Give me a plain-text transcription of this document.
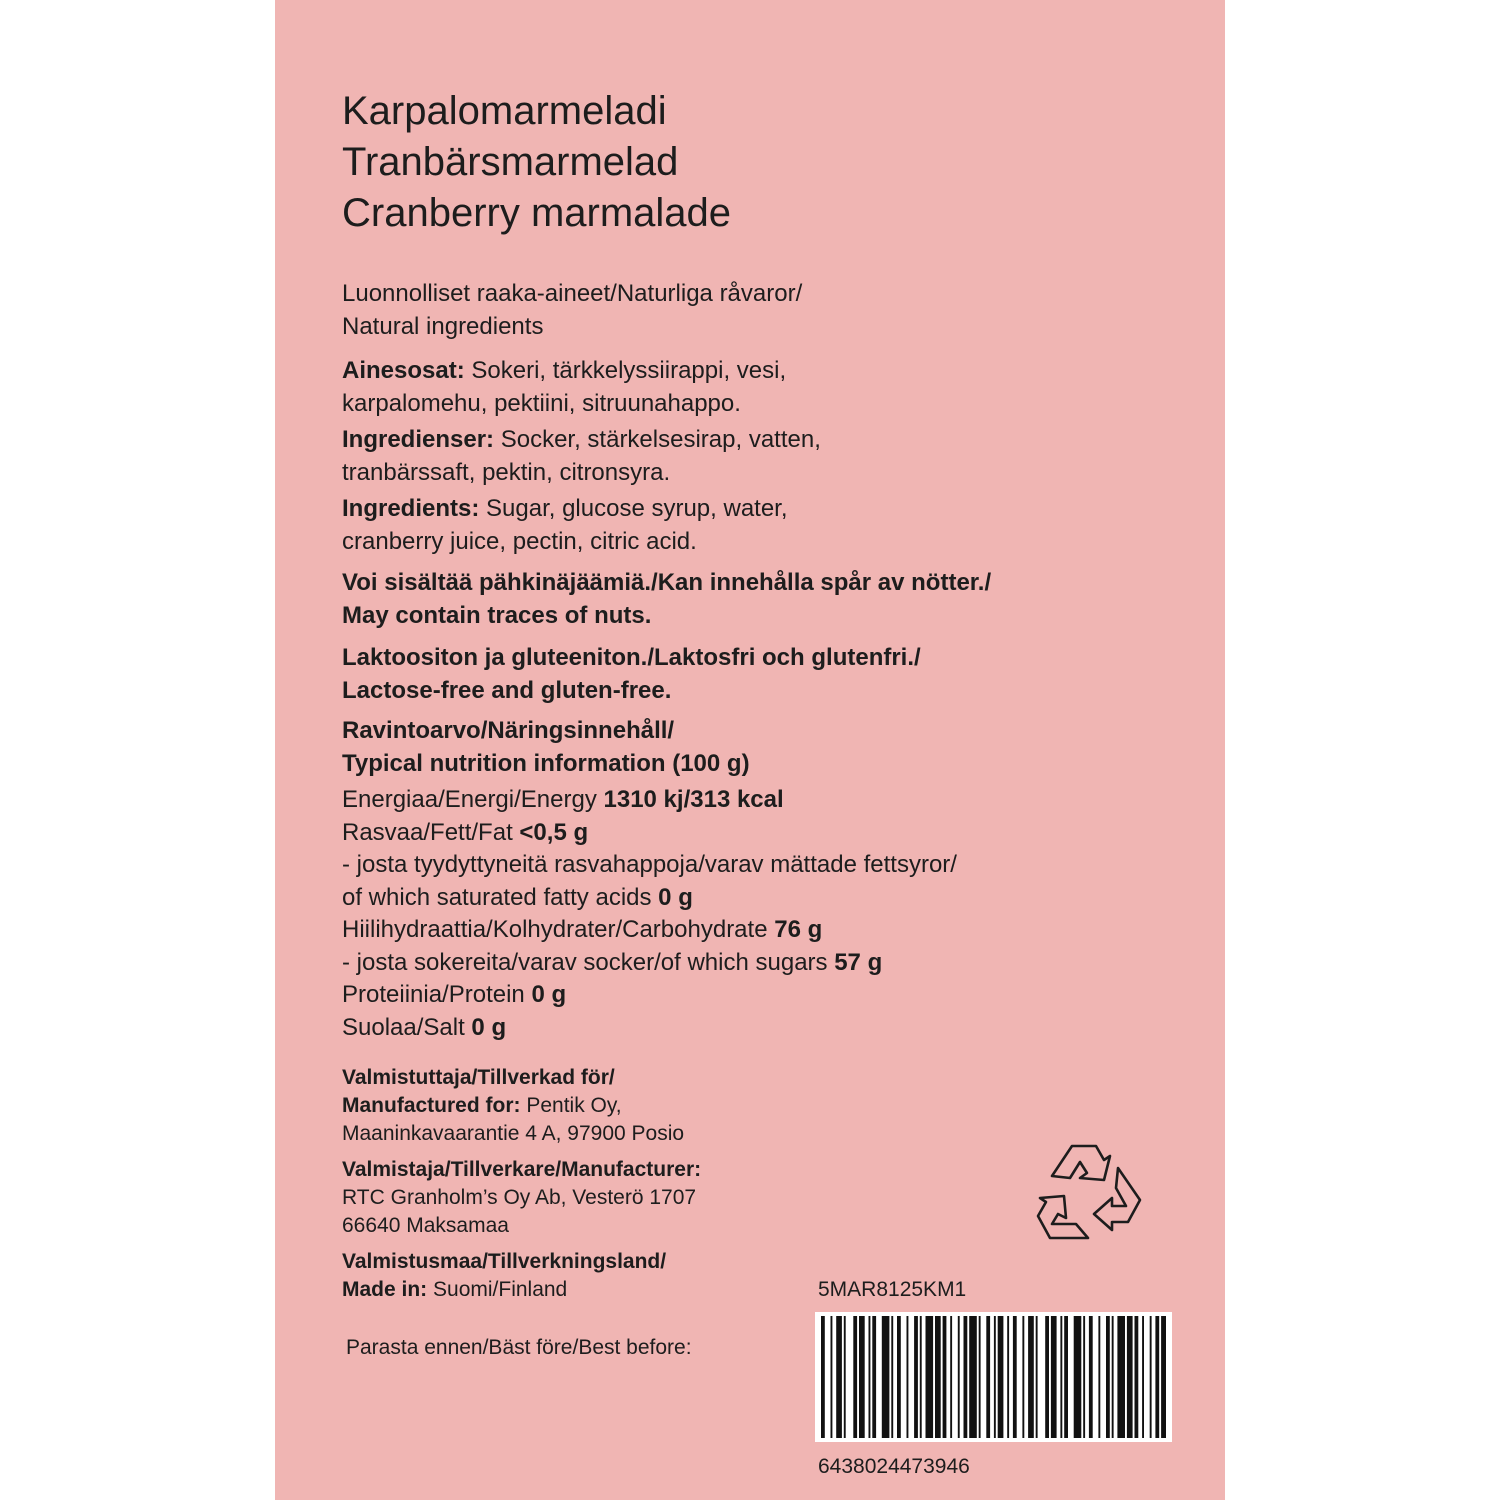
Karpalomarmeladi
Tranbärsmarmelad
Cranberry marmalade
Luonnolliset raaka-aineet/Naturliga råvaror/
Natural ingredients
Ainesosat: Sokeri, tärkkelyssiirappi, vesi,
karpalomehu, pektiini, sitruunahappo.
Ingredienser: Socker, stärkelsesirap, vatten,
tranbärssaft, pektin, citronsyra.
Ingredients: Sugar, glucose syrup, water,
cranberry juice, pectin, citric acid.
Voi sisältää pähkinäjäämiä./Kan innehålla spår av nötter./
May contain traces of nuts.
Laktoositon ja gluteeniton./Laktosfri och glutenfri./
Lactose-free and gluten-free.
Ravintoarvo/Näringsinnehåll/
Typical nutrition information (100 g)
Energiaa/Energi/Energy 1310 kj/313 kcal
Rasvaa/Fett/Fat <0,5 g
- josta tyydyttyneitä rasvahappoja/varav mättade fettsyror/
of which saturated fatty acids 0 g
Hiilihydraattia/Kolhydrater/Carbohydrate 76 g
- josta sokereita/varav socker/of which sugars 57 g
Proteiinia/Protein 0 g
Suolaa/Salt 0 g
Valmistuttaja/Tillverkad för/
Manufactured for: Pentik Oy,
Maaninkavaarantie 4 A, 97900 Posio
Valmistaja/Tillverkare/Manufacturer:
RTC Granholm’s Oy Ab, Vesterö 1707
66640 Maksamaa
Valmistusmaa/Tillverkningsland/
Made in: Suomi/Finland
Parasta ennen/Bäst före/Best before:
5MAR8125KM1
6438024473946
